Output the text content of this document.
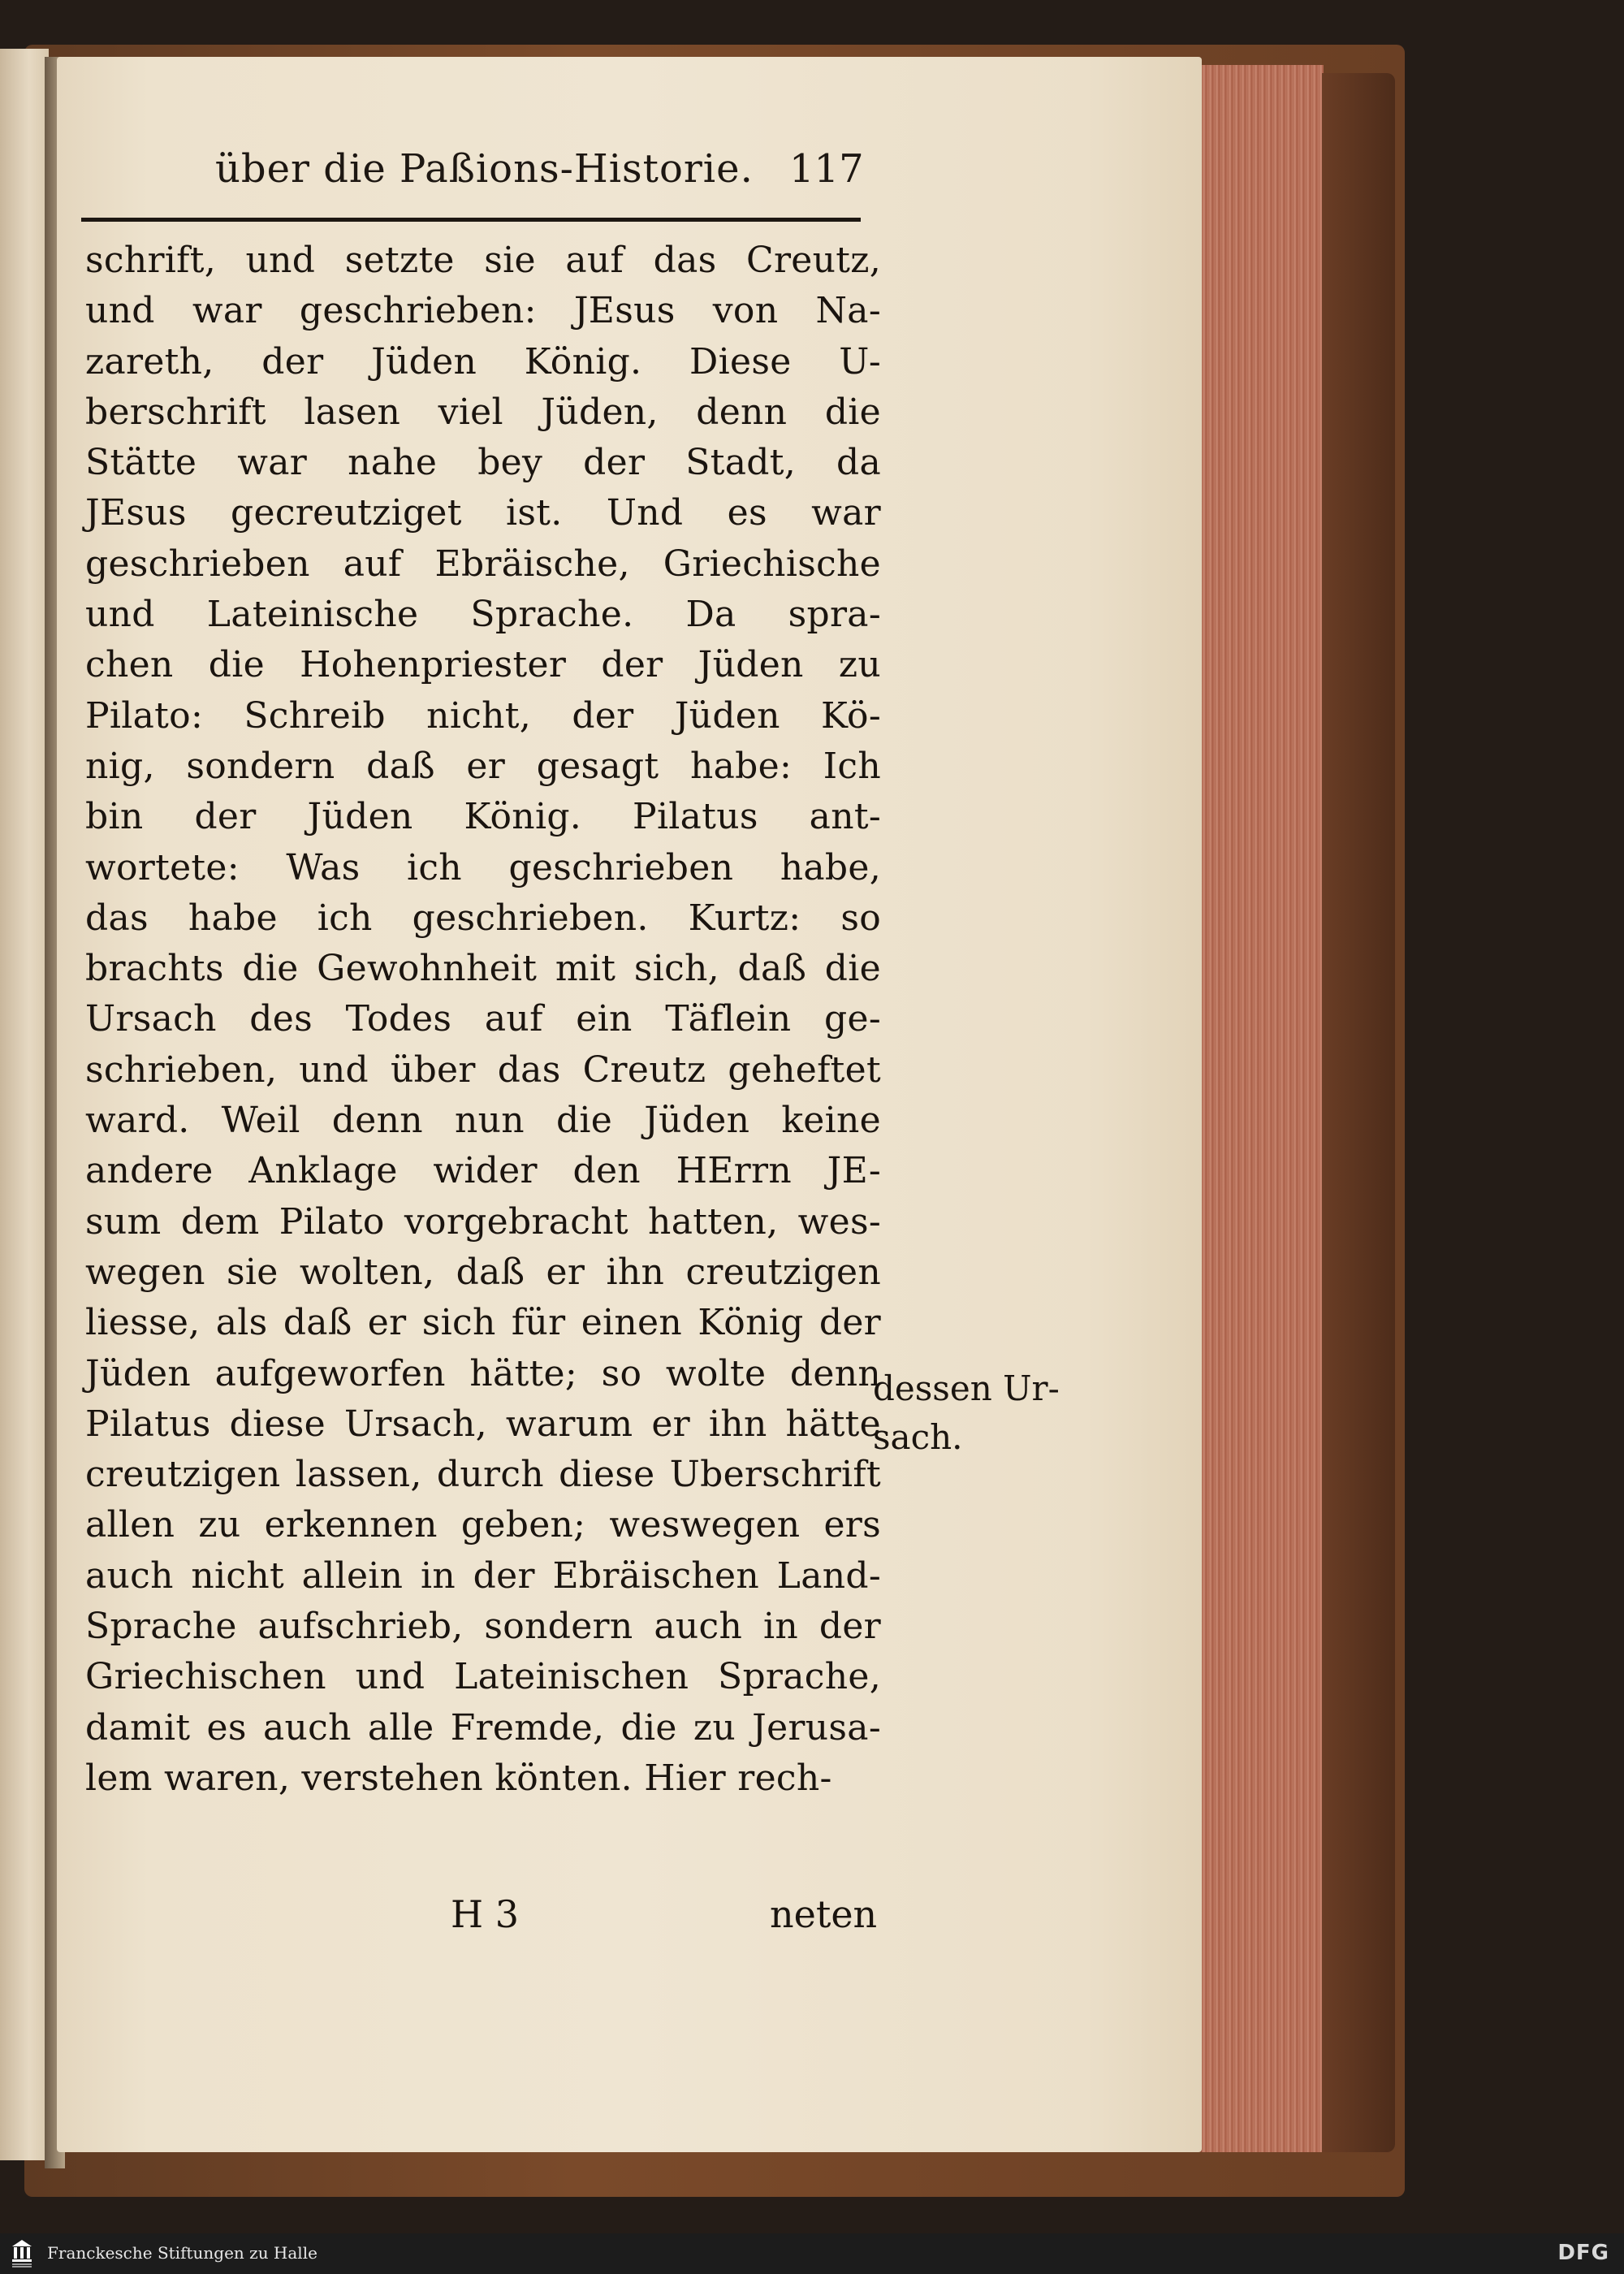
über die Paßions-Historie. 117
schrift, und setzte sie auf das Creutz,
und war geschrieben: JEsus von Na-
zareth, der Jüden König. Diese U-
berschrift lasen viel Jüden, denn die
Stätte war nahe bey der Stadt, da
JEsus gecreutziget ist. Und es war
geschrieben auf Ebräische, Griechische
und Lateinische Sprache. Da spra-
chen die Hohenpriester der Jüden zu
Pilato: Schreib nicht, der Jüden Kö-
nig, sondern daß er gesagt habe: Ich
bin der Jüden König. Pilatus ant-
wortete: Was ich geschrieben habe,
das habe ich geschrieben. Kurtz: so
brachts die Gewohnheit mit sich, daß die
Ursach des Todes auf ein Täflein ge-
schrieben, und über das Creutz geheftet
ward. Weil denn nun die Jüden keine
andere Anklage wider den HErrn JE-
sum dem Pilato vorgebracht hatten, wes-
wegen sie wolten, daß er ihn creutzigen
liesse, als daß er sich für einen König der
Jüden aufgeworfen hätte; so wolte denn
Pilatus diese Ursach, warum er ihn hätte
creutzigen lassen, durch diese Uberschrift
allen zu erkennen geben; weswegen ers
auch nicht allein in der Ebräischen Land-
Sprache aufschrieb, sondern auch in der
Griechischen und Lateinischen Sprache,
damit es auch alle Fremde, die zu Jerusa-
lem waren, verstehen könten. Hier rech-
dessen Ur-
sach.
H 3	neten
Franckesche Stiftungen zu Halle	DFG
